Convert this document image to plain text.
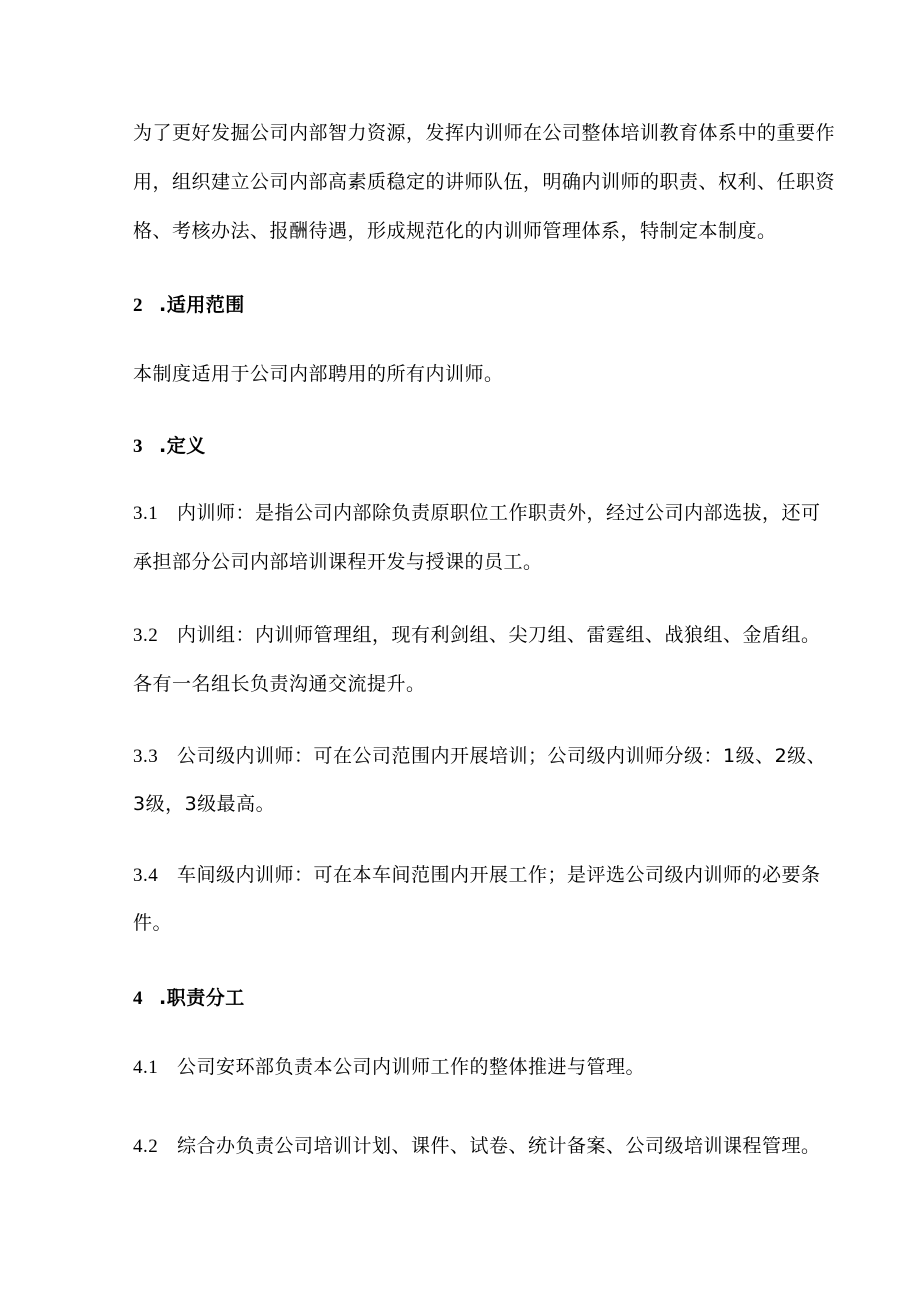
为了更好发掘公司内部智力资源，发挥内训师在公司整体培训教育体系中的重要作
用，组织建立公司内部高素质稳定的讲师队伍，明确内训师的职责、权利、任职资
格、考核办法、报酬待遇，形成规范化的内训师管理体系，特制定本制度。
2 .适用范围
本制度适用于公司内部聘用的所有内训师。
3 .定义
3.1 内训师：是指公司内部除负责原职位工作职责外，经过公司内部选拔，还可
承担部分公司内部培训课程开发与授课的员工。
3.2 内训组：内训师管理组，现有利剑组、尖刀组、雷霆组、战狼组、金盾组。
各有一名组长负责沟通交流提升。
3.3 公司级内训师：可在公司范围内开展培训；公司级内训师分级：1级、2级、
3级，3级最高。
3.4 车间级内训师：可在本车间范围内开展工作；是评选公司级内训师的必要条
件。
4 .职责分工
4.1 公司安环部负责本公司内训师工作的整体推进与管理。
4.2 综合办负责公司培训计划、课件、试卷、统计备案、公司级培训课程管理。
